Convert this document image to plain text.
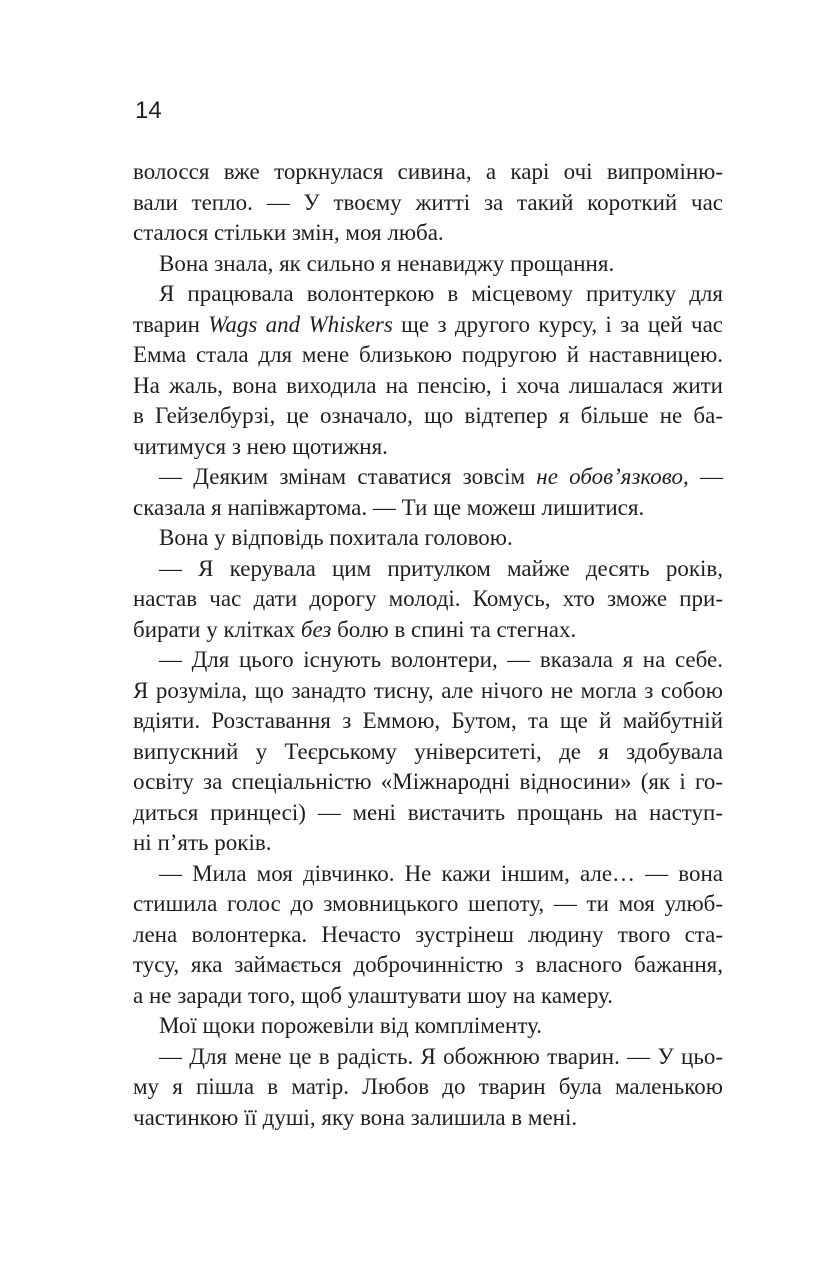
14
волосся вже торкнулася сивина, а карі очі випроміню-
вали тепло. — У твоєму житті за такий короткий час
сталося стільки змін, моя люба.
Вона знала, як сильно я ненавиджу прощання.
Я працювала волонтеркою в місцевому притулку для
тварин Wags and Whiskers ще з другого курсу, і за цей час
Емма стала для мене близькою подругою й наставницею.
На жаль, вона виходила на пенсію, і хоча лишалася жити
в Гейзелбурзі, це означало, що відтепер я більше не ба-
читимуся з нею щотижня.
— Деяким змінам ставатися зовсім не обов’язково, —
сказала я напівжартома. — Ти ще можеш лишитися.
Вона у відповідь похитала головою.
— Я керувала цим притулком майже десять років,
настав час дати дорогу молоді. Комусь, хто зможе при-
бирати у клітках без болю в спині та стегнах.
— Для цього існують волонтери, — вказала я на себе.
Я розуміла, що занадто тисну, але нічого не могла з собою
вдіяти. Розставання з Еммою, Бутом, та ще й майбутній
випускний у Теєрському університеті, де я здобувала
освіту за спеціальністю «Міжнародні відносини» (як і го-
диться принцесі) — мені вистачить прощань на наступ-
ні п’ять років.
— Мила моя дівчинко. Не кажи іншим, але… — вона
стишила голос до змовницького шепоту, — ти моя улюб-
лена волонтерка. Нечасто зустрінеш людину твого ста-
тусу, яка займається доброчинністю з власного бажання,
а не заради того, щоб улаштувати шоу на камеру.
Мої щоки порожевіли від компліменту.
— Для мене це в радість. Я обожнюю тварин. — У цьо-
му я пішла в матір. Любов до тварин була маленькою
частинкою її душі, яку вона залишила в мені.
